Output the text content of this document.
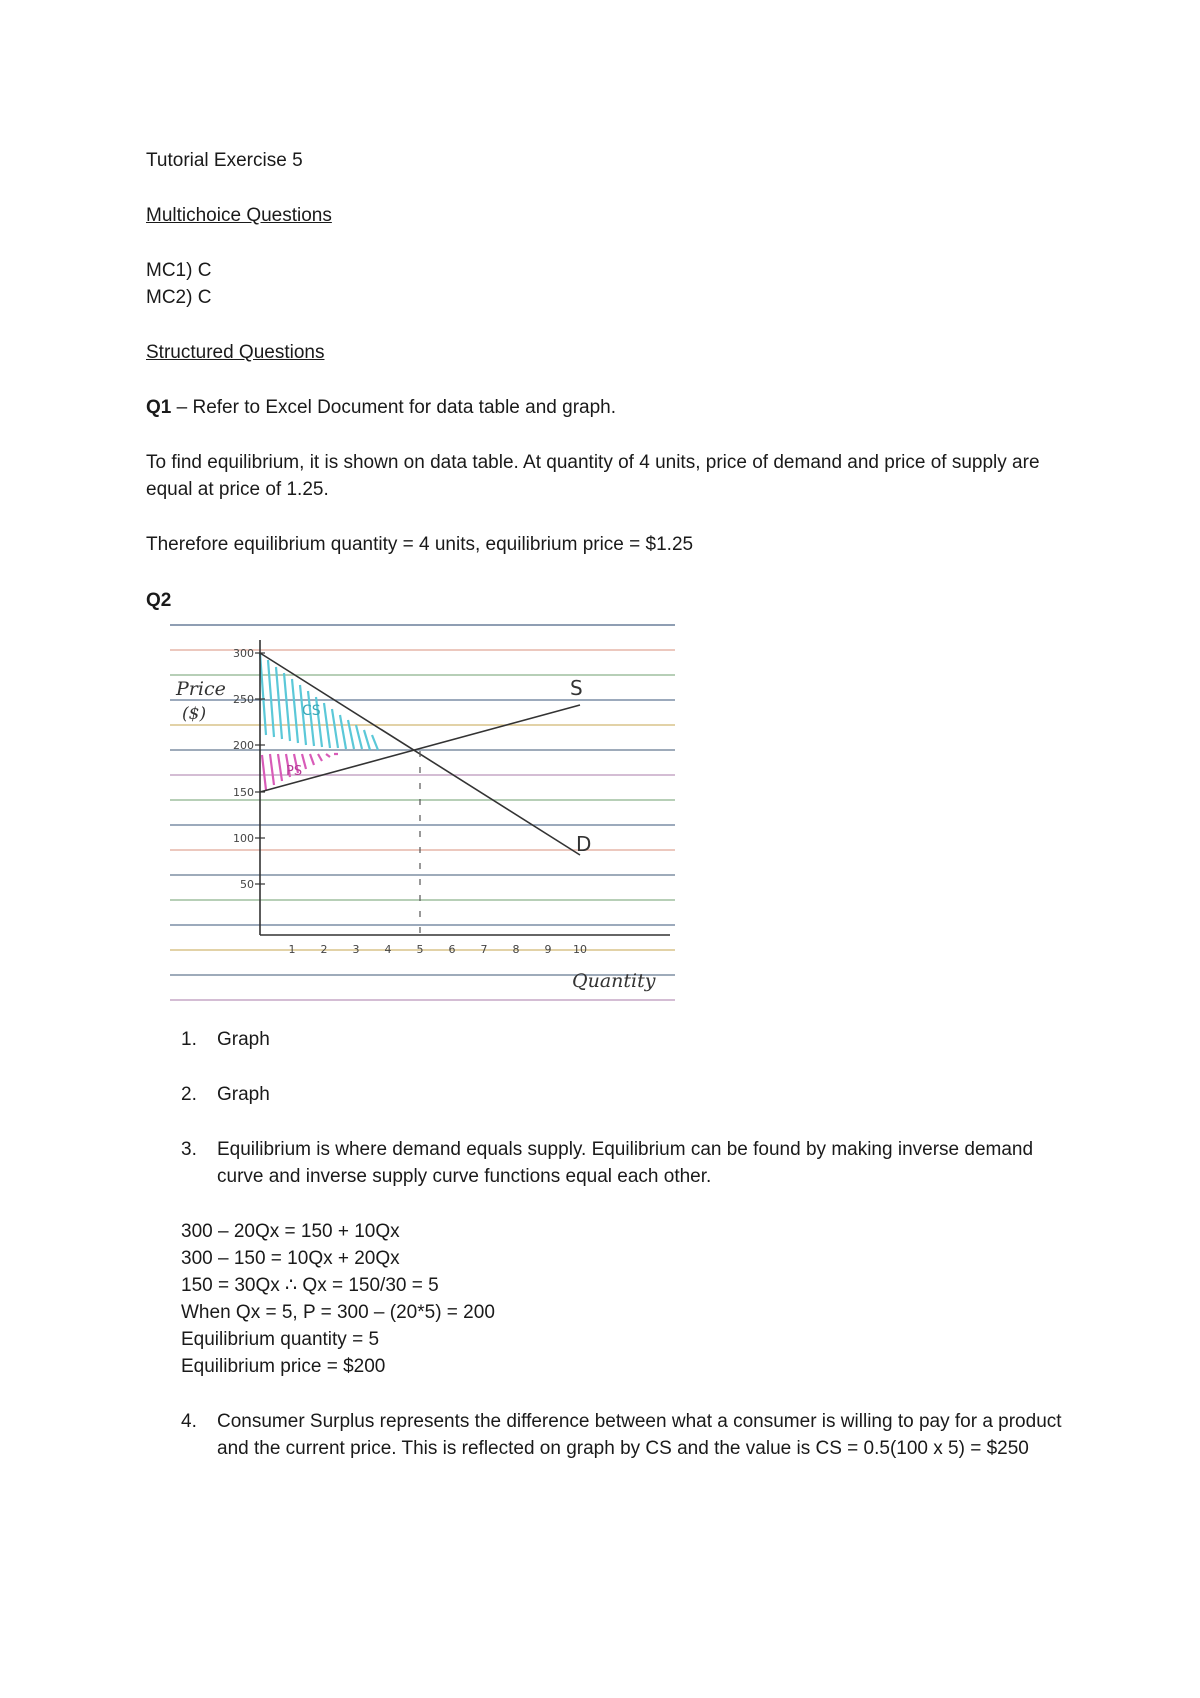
Tutorial Exercise 5

Multichoice Questions

MC1) C

MC2) C

Structured Questions

Q1 – Refer to Excel Document for data table and graph.

To find equilibrium, it is shown on data table. At quantity of 4 units, price of demand and price of supply are equal at price of 1.25.

Therefore equilibrium quantity = 4 units, equilibrium price = $1.25

Q2

300
250
200
150
100
50
1 2 3 4 5 6 7 8 9 10
Price
($)
Quantity
S
D
CS
PS
1. Graph

2. Graph

3. Equilibrium is where demand equals supply. Equilibrium can be found by making inverse demand curve and inverse supply curve functions equal each other.

300 – 20Qx = 150 + 10Qx

300 – 150 = 10Qx + 20Qx

150 = 30Qx ∴ Qx = 150/30 = 5

When Qx = 5, P = 300 – (20*5) = 200

Equilibrium quantity = 5

Equilibrium price = $200

4. Consumer Surplus represents the difference between what a consumer is willing to pay for a product and the current price. This is reflected on graph by CS and the value is CS = 0.5(100 x 5) = $250
